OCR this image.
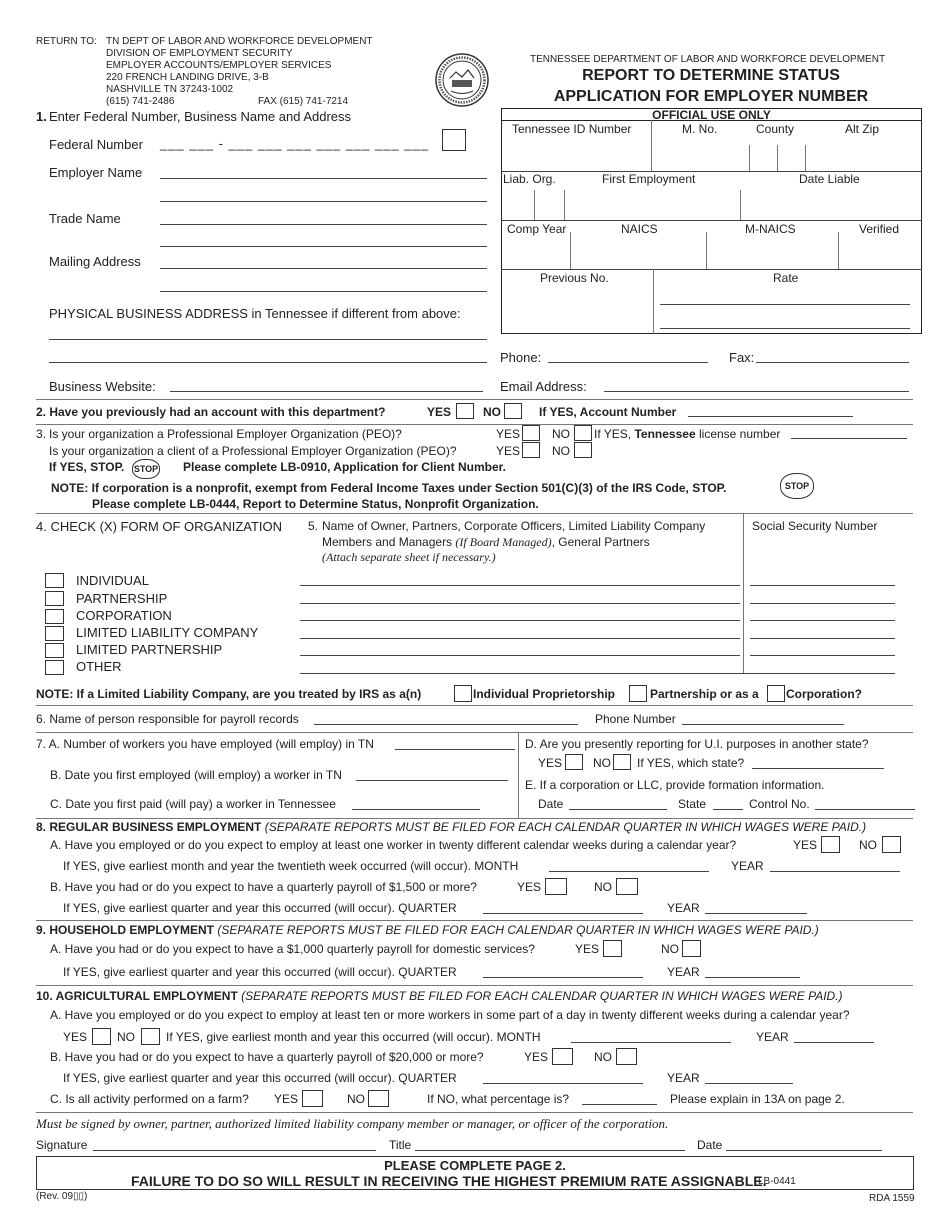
RETURN TO: TN DEPT OF LABOR AND WORKFORCE DEVELOPMENT
DIVISION OF EMPLOYMENT SECURITY
EMPLOYER ACCOUNTS/EMPLOYER SERVICES
220 FRENCH LANDING DRIVE, 3-B
NASHVILLE TN 37243-1002
(615) 741-2486	FAX (615) 741-7214
TENNESSEE DEPARTMENT OF LABOR AND WORKFORCE DEVELOPMENT
REPORT TO DETERMINE STATUS
APPLICATION FOR EMPLOYER NUMBER
OFFICIAL USE ONLY
Tennessee ID Number	M. No.	County	Alt Zip
Liab. Org.	First Employment	Date Liable
Comp Year	NAICS	M-NAICS	Verified
Previous No.	Rate
1. Enter Federal Number, Business Name and Address
Federal Number ___ ___ - ___ ___ ___ ___ ___ ___ ___
Employer Name
Trade Name
Mailing Address
PHYSICAL BUSINESS ADDRESS in Tennessee if different from above:
Phone:	Fax:
Business Website:	Email Address:
2. Have you previously had an account with this department?	YES	NO	If YES, Account Number
3. Is your organization a Professional Employer Organization (PEO)?	YES	NO If YES, Tennessee license number
Is your organization a client of a Professional Employer Organization (PEO)?	YES	NO
If YES, STOP. STOP Please complete LB-0910, Application for Client Number.
NOTE: If corporation is a nonprofit, exempt from Federal Income Taxes under Section 501(C)(3) of the IRS Code, STOP.	STOP
Please complete LB-0444, Report to Determine Status, Nonprofit Organization.
4. CHECK (X) FORM OF ORGANIZATION
INDIVIDUAL
PARTNERSHIP
CORPORATION
LIMITED LIABILITY COMPANY
LIMITED PARTNERSHIP
OTHER
5. Name of Owner, Partners, Corporate Officers, Limited Liability Company
Members and Managers (If Board Managed), General Partners
(Attach separate sheet if necessary.)
Social Security Number
NOTE: If a Limited Liability Company, are you treated by IRS as a(n)	Individual Proprietorship	Partnership or as a Corporation?
6. Name of person responsible for payroll records	Phone Number
7. A. Number of workers you have employed (will employ) in TN
B. Date you first employed (will employ) a worker in TN
C. Date you first paid (will pay) a worker in Tennessee
D. Are you presently reporting for U.I. purposes in another state?
YES	NO If YES, which state?
E. If a corporation or LLC, provide formation information.
Date	State	Control No.
8. REGULAR BUSINESS EMPLOYMENT (SEPARATE REPORTS MUST BE FILED FOR EACH CALENDAR QUARTER IN WHICH WAGES WERE PAID.)
A. Have you employed or do you expect to employ at least one worker in twenty different calendar weeks during a calendar year?	YES	NO
If YES, give earliest month and year the twentieth week occurred (will occur). MONTH	YEAR
B. Have you had or do you expect to have a quarterly payroll of $1,500 or more?	YES	NO
If YES, give earliest quarter and year this occurred (will occur). QUARTER	YEAR
9. HOUSEHOLD EMPLOYMENT (SEPARATE REPORTS MUST BE FILED FOR EACH CALENDAR QUARTER IN WHICH WAGES WERE PAID.)
A. Have you had or do you expect to have a $1,000 quarterly payroll for domestic services?	YES	NO
If YES, give earliest quarter and year this occurred (will occur). QUARTER	YEAR
10. AGRICULTURAL EMPLOYMENT (SEPARATE REPORTS MUST BE FILED FOR EACH CALENDAR QUARTER IN WHICH WAGES WERE PAID.)
A. Have you employed or do you expect to employ at least ten or more workers in some part of a day in twenty different weeks during a calendar year?
YES NO	If YES, give earliest month and year this occurred (will occur). MONTH	YEAR
B. Have you had or do you expect to have a quarterly payroll of $20,000 or more?	YES	NO
If YES, give earliest quarter and year this occurred (will occur). QUARTER	YEAR
C. Is all activity performed on a farm? YES	NO	If NO, what percentage is?	Please explain in 13A on page 2.
Must be signed by owner, partner, authorized limited liability company member or manager, or officer of the corporation.
Signature	Title	Date
PLEASE COMPLETE PAGE 2.
FAILURE TO DO SO WILL RESULT IN RECEIVING THE HIGHEST PREMIUM RATE ASSIGNABLE.
LB-0441
(Rev. 09▯▯)	RDA 1559
